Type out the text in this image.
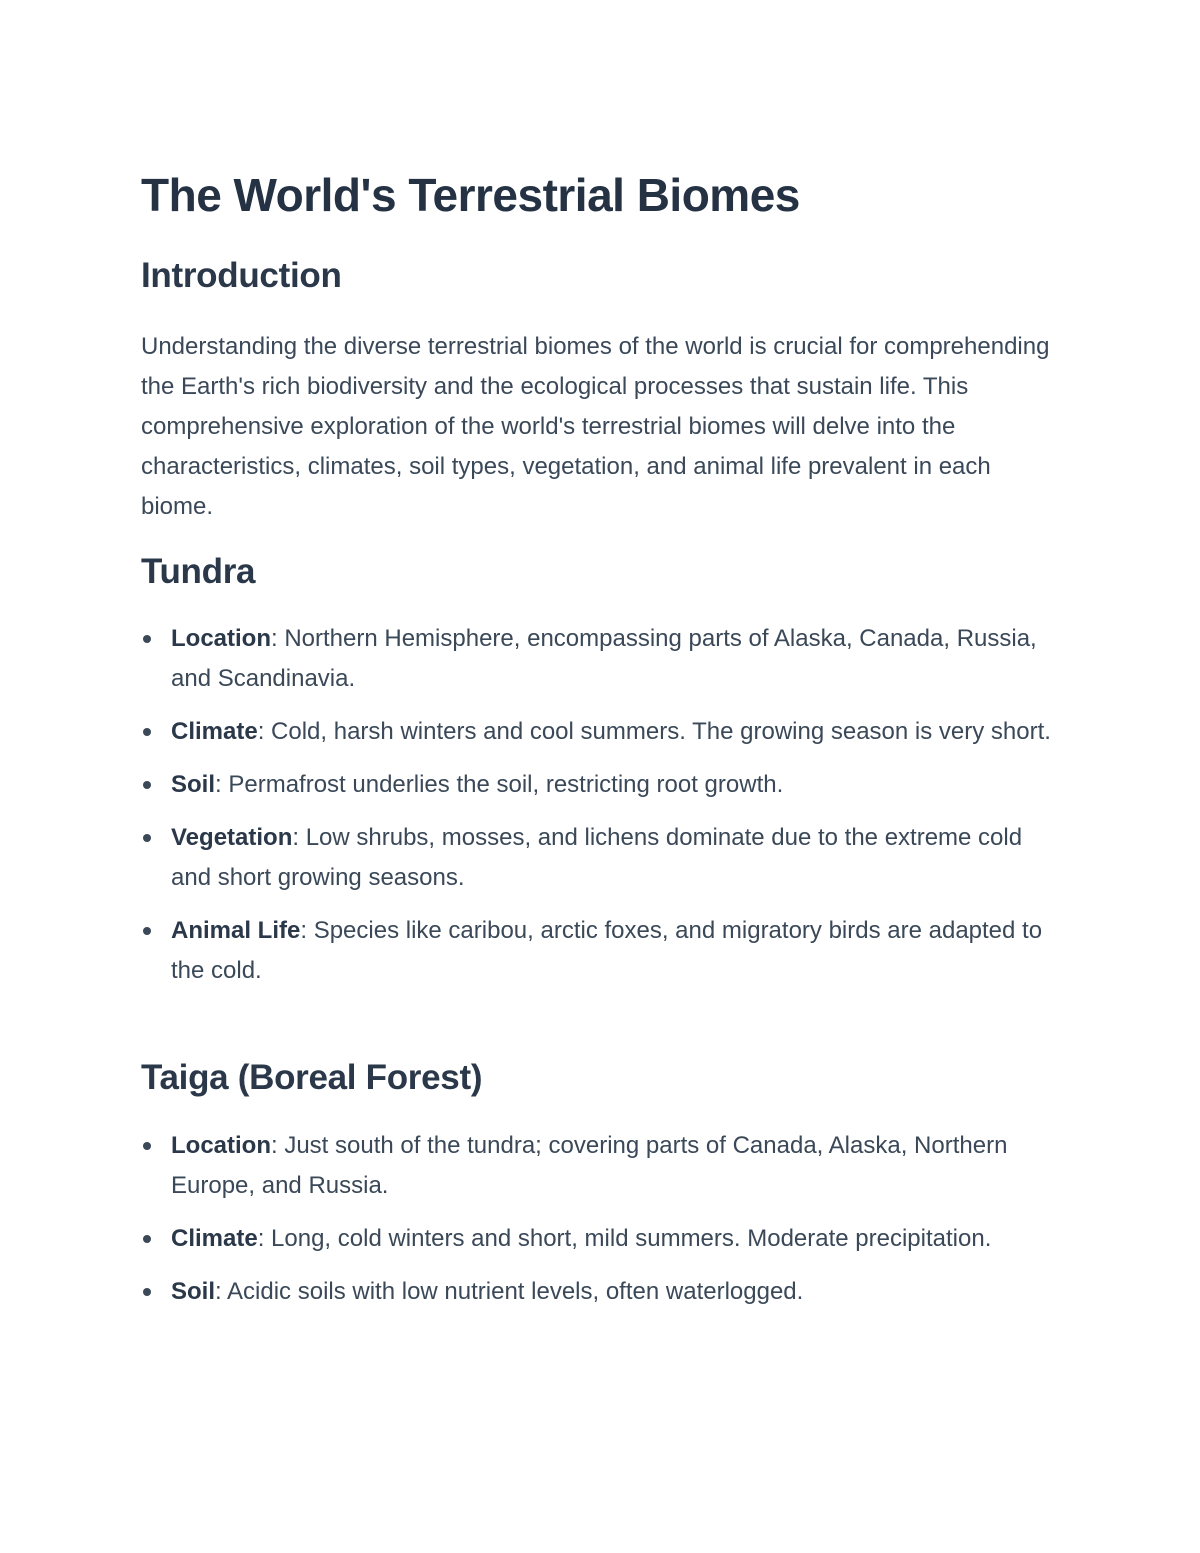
The World's Terrestrial Biomes
Introduction

Understanding the diverse terrestrial biomes of the world is crucial for comprehending the Earth's rich biodiversity and the ecological processes that sustain life. This comprehensive exploration of the world's terrestrial biomes will delve into the characteristics, climates, soil types, vegetation, and animal life prevalent in each biome.

Tundra
Location: Northern Hemisphere, encompassing parts of Alaska, Canada, Russia, and Scandinavia.
Climate: Cold, harsh winters and cool summers. The growing season is very short.
Soil: Permafrost underlies the soil, restricting root growth.
Vegetation: Low shrubs, mosses, and lichens dominate due to the extreme cold and short growing seasons.
Animal Life: Species like caribou, arctic foxes, and migratory birds are adapted to the cold.
Taiga (Boreal Forest)
Location: Just south of the tundra; covering parts of Canada, Alaska, Northern Europe, and Russia.
Climate: Long, cold winters and short, mild summers. Moderate precipitation.
Soil: Acidic soils with low nutrient levels, often waterlogged.
